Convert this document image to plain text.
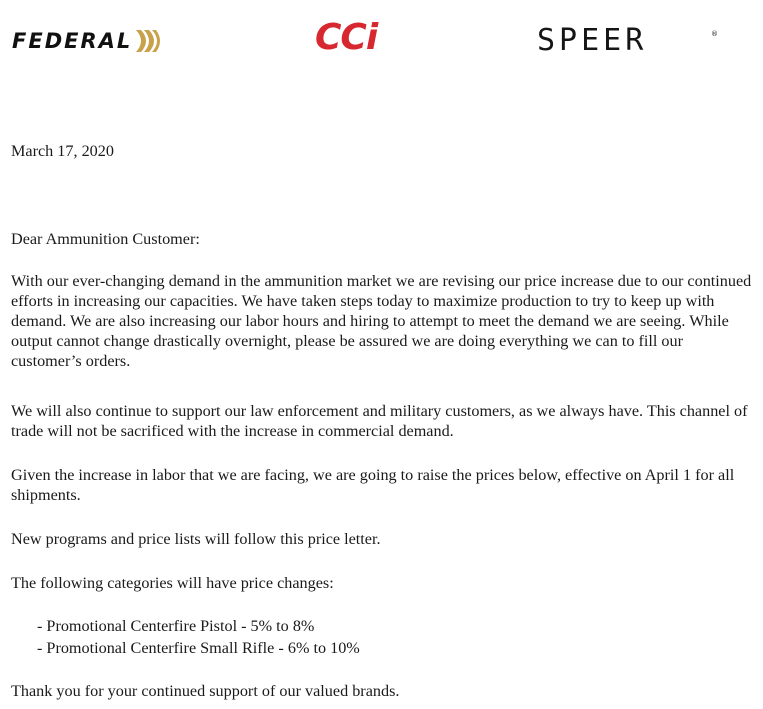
FEDERAL	CCi	SPEER	®

March 17, 2020

Dear Ammunition Customer:

With our ever-changing demand in the ammunition market we are revising our price increase due to our continued efforts in increasing our capacities. We have taken steps today to maximize production to try to keep up with demand. We are also increasing our labor hours and hiring to attempt to meet the demand we are seeing. While output cannot change drastically overnight, please be assured we are doing everything we can to fill our customer’s orders.

We will also continue to support our law enforcement and military customers, as we always have. This channel of trade will not be sacrificed with the increase in commercial demand.

Given the increase in labor that we are facing, we are going to raise the prices below, effective on April 1 for all shipments.

New programs and price lists will follow this price letter.

The following categories will have price changes:

- Promotional Centerfire Pistol - 5% to 8%
- Promotional Centerfire Small Rifle - 6% to 10%

Thank you for your continued support of our valued brands.
